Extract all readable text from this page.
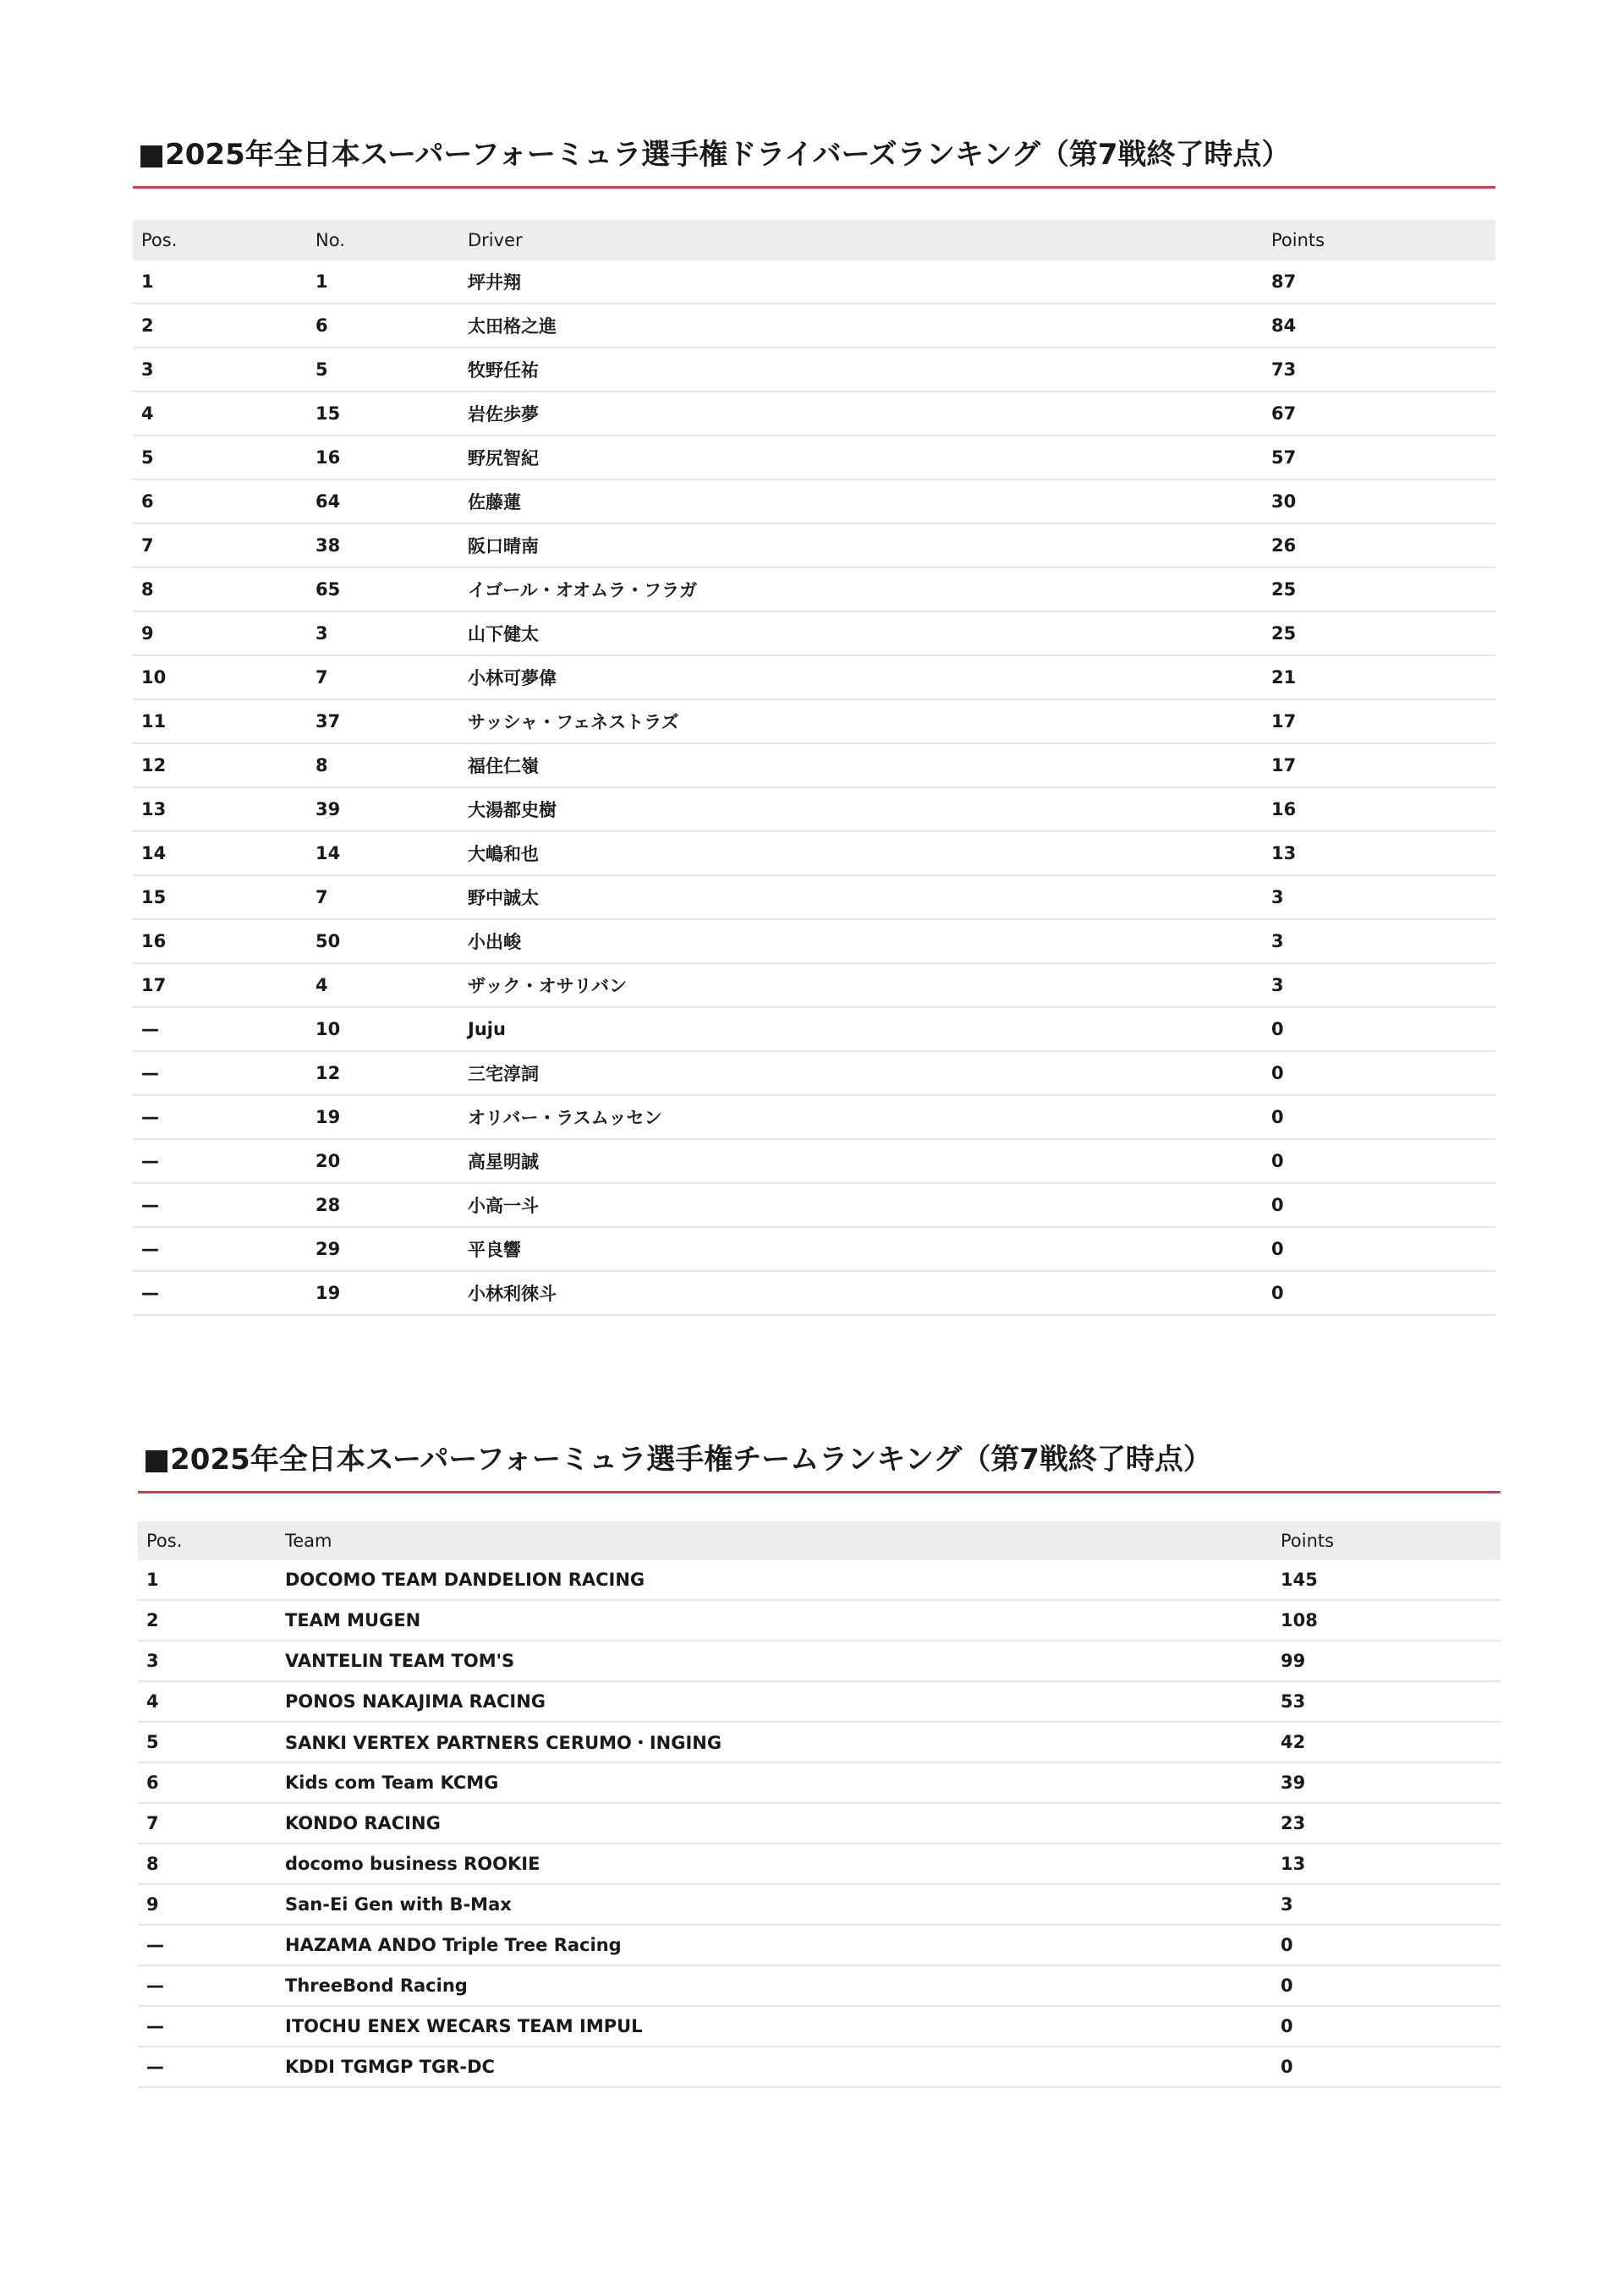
■2025年全日本スーパーフォーミュラ選手権ドライバーズランキング（第7戦終了時点）
Pos.	No.	Driver	Points
1	1	坪井翔	87
2	6	太田格之進	84
3	5	牧野任祐	73
4	15	岩佐歩夢	67
5	16	野尻智紀	57
6	64	佐藤蓮	30
7	38	阪口晴南	26
8	65	イゴール・オオムラ・フラガ	25
9	3	山下健太	25
10	7	小林可夢偉	21
11	37	サッシャ・フェネストラズ	17
12	8	福住仁嶺	17
13	39	大湯都史樹	16
14	14	大嶋和也	13
15	7	野中誠太	3
16	50	小出峻	3
17	4	ザック・オサリバン	3
—	10	Juju	0
—	12	三宅淳詞	0
—	19	オリバー・ラスムッセン	0
—	20	高星明誠	0
—	28	小高一斗	0
—	29	平良響	0
—	19	小林利徠斗	0
■2025年全日本スーパーフォーミュラ選手権チームランキング（第7戦終了時点）
Pos.	Team	Points
1	DOCOMO TEAM DANDELION RACING	145
2	TEAM MUGEN	108
3	VANTELIN TEAM TOM'S	99
4	PONOS NAKAJIMA RACING	53
5	SANKI VERTEX PARTNERS CERUMO・INGING	42
6	Kids com Team KCMG	39
7	KONDO RACING	23
8	docomo business ROOKIE	13
9	San-Ei Gen with B-Max	3
—	HAZAMA ANDO Triple Tree Racing	0
—	ThreeBond Racing	0
—	ITOCHU ENEX WECARS TEAM IMPUL	0
—	KDDI TGMGP TGR-DC	0
